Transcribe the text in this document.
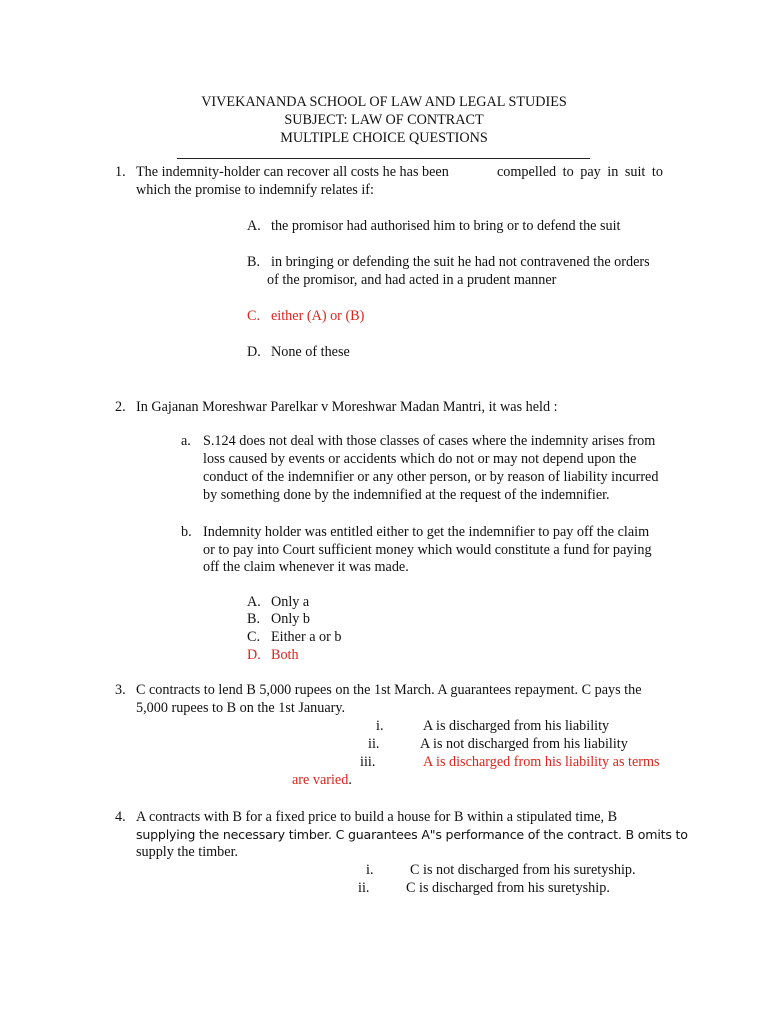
VIVEKANANDA SCHOOL OF LAW AND LEGAL STUDIES
SUBJECT: LAW OF CONTRACT
MULTIPLE CHOICE QUESTIONS
1. The indemnity-holder can recover all costs he has been	compelled to pay in suit to
which the promise to indemnify relates if:
A. the promisor had authorised him to bring or to defend the suit
B. in bringing or defending the suit he had not contravened the orders
of the promisor, and had acted in a prudent manner
C. either (A) or (B)
D. None of these
2. In Gajanan Moreshwar Parelkar v Moreshwar Madan Mantri, it was held :
a. S.124 does not deal with those classes of cases where the indemnity arises from
loss caused by events or accidents which do not or may not depend upon the
conduct of the indemnifier or any other person, or by reason of liability incurred
by something done by the indemnified at the request of the indemnifier.
b. Indemnity holder was entitled either to get the indemnifier to pay off the claim
or to pay into Court sufficient money which would constitute a fund for paying
off the claim whenever it was made.
A. Only a
B. Only b
C. Either a or b
D. Both
3. C contracts to lend B 5,000 rupees on the 1st March. A guarantees repayment. C pays the
5,000 rupees to B on the 1st January.
i.	A is discharged from his liability
ii.	A is not discharged from his liability
iii.	A is discharged from his liability as terms
are varied.
4. A contracts with B for a fixed price to build a house for B within a stipulated time, B
supplying the necessary timber. C guarantees A"s performance of the contract. B omits to
supply the timber.
i.	C is not discharged from his suretyship.
ii.	C is discharged from his suretyship.
